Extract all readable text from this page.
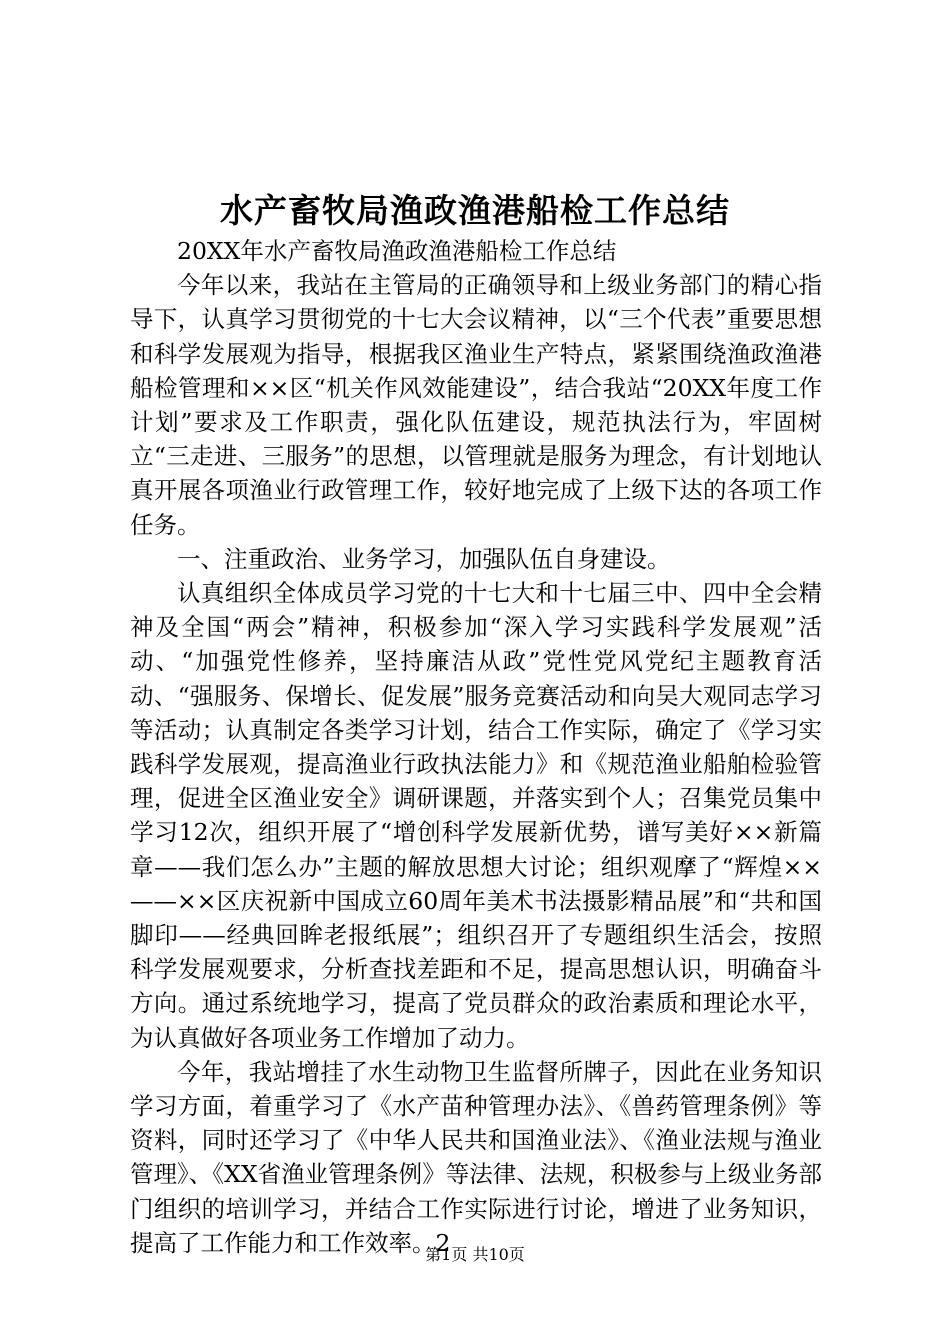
水产畜牧局渔政渔港船检工作总结

20XX年水产畜牧局渔政渔港船检工作总结

今年以来，我站在主管局的正确领导和上级业务部门的精心指导下，认真学习贯彻党的十七大会议精神，以“三个代表”重要思想和科学发展观为指导，根据我区渔业生产特点，紧紧围绕渔政渔港船检管理和××区“机关作风效能建设”，结合我站“20XX年度工作计划”要求及工作职责，强化队伍建设，规范执法行为，牢固树立“三走进、三服务”的思想，以管理就是服务为理念，有计划地认真开展各项渔业行政管理工作，较好地完成了上级下达的各项工作任务。

一、注重政治、业务学习，加强队伍自身建设。

认真组织全体成员学习党的十七大和十七届三中、四中全会精神及全国“两会”精神，积极参加“深入学习实践科学发展观”活动、“加强党性修养，坚持廉洁从政”党性党风党纪主题教育活动、“强服务、保增长、促发展”服务竞赛活动和向吴大观同志学习等活动；认真制定各类学习计划，结合工作实际，确定了《学习实践科学发展观，提高渔业行政执法能力》和《规范渔业船舶检验管理，促进全区渔业安全》调研课题，并落实到个人；召集党员集中学习12次，组织开展了“增创科学发展新优势，谱写美好××新篇章——我们怎么办”主题的解放思想大讨论；组织观摩了“辉煌××——××区庆祝新中国成立60周年美术书法摄影精品展”和“共和国脚印——经典回眸老报纸展”；组织召开了专题组织生活会，按照科学发展观要求，分析查找差距和不足，提高思想认识，明确奋斗方向。通过系统地学习，提高了党员群众的政治素质和理论水平，为认真做好各项业务工作增加了动力。

今年，我站增挂了水生动物卫生监督所牌子，因此在业务知识学习方面，着重学习了《水产苗种管理办法》、《兽药管理条例》等资料，同时还学习了《中华人民共和国渔业法》、《渔业法规与渔业管理》、《XX省渔业管理条例》等法律、法规，积极参与上级业务部门组织的培训学习，并结合工作实际进行讨论，增进了业务知识，提高了工作能力和工作效率。2

第1页 共10页
